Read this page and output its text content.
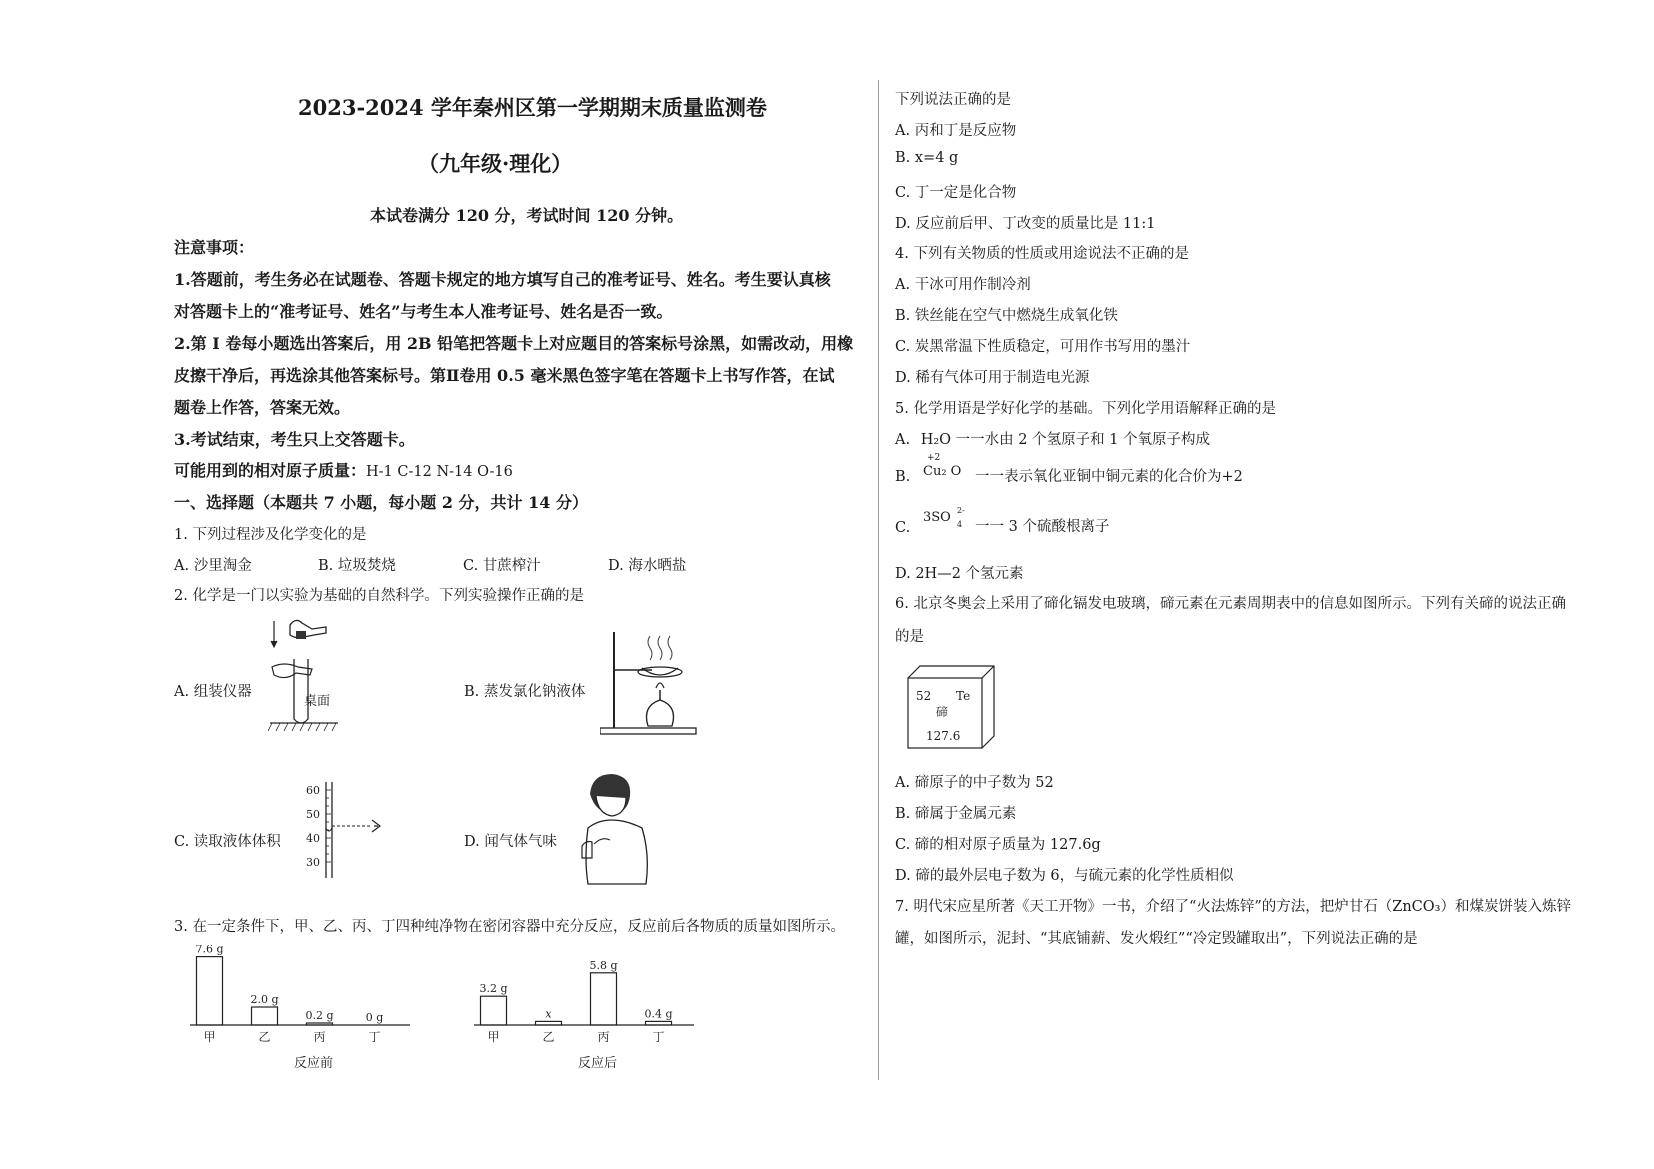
2023-2024 学年秦州区第一学期期末质量监测卷
（九年级·理化）
本试卷满分 120 分，考试时间 120 分钟。
注意事项：
1.答题前，考生务必在试题卷、答题卡规定的地方填写自己的准考证号、姓名。考生要认真核
对答题卡上的“准考证号、姓名”与考生本人准考证号、姓名是否一致。
2.第 I 卷每小题选出答案后，用 2B 铅笔把答题卡上对应题目的答案标号涂黑，如需改动，用橡
皮擦干净后，再选涂其他答案标号。第Ⅱ卷用 0.5 毫米黑色签字笔在答题卡上书写作答，在试
题卷上作答，答案无效。
3.考试结束，考生只上交答题卡。
可能用到的相对原子质量：H-1 C-12 N-14 O-16
一、选择题（本题共 7 小题，每小题 2 分，共计 14 分）
1. 下列过程涉及化学变化的是
A. 沙里淘金	B. 垃圾焚烧	C. 甘蔗榨汁	D. 海水晒盐
2. 化学是一门以实验为基础的自然科学。下列实验操作正确的是
A. 组装仪器	B. 蒸发氯化钠液体
C. 读取液体体积	D. 闻气体气味
桌面
60
50
40
30
3. 在一定条件下，甲、乙、丙、丁四种纯净物在密闭容器中充分反应，反应前后各物质的质量如图所示。
7.6 g
甲
2.0 g
乙
0.2 g
丙
0 g
丁
反应前
3.2 g
甲
x
乙
5.8 g
丙
0.4 g
丁
反应后
下列说法正确的是
A. 丙和丁是反应物
B. x=4 g
C. 丁一定是化合物
D. 反应前后甲、丁改变的质量比是 11:1
4. 下列有关物质的性质或用途说法不正确的是
A. 干冰可用作制冷剂
B. 铁丝能在空气中燃烧生成氧化铁
C. 炭黑常温下性质稳定，可用作书写用的墨汁
D. 稀有气体可用于制造电光源
5. 化学用语是学好化学的基础。下列化学用语解释正确的是
A. H₂O 一一水由 2 个氢原子和 1 个氧原子构成
B.
+2
Cu₂ O 一一表示氧化亚铜中铜元素的化合价为+2
C.
3SO 2-
4 一一 3 个硫酸根离子
D. 2H—2 个氢元素
6. 北京冬奥会上采用了碲化镉发电玻璃，碲元素在元素周期表中的信息如图所示。下列有关碲的说法正确
的是
52 Te
碲
127.6
A. 碲原子的中子数为 52
B. 碲属于金属元素
C. 碲的相对原子质量为 127.6g
D. 碲的最外层电子数为 6，与硫元素的化学性质相似
7. 明代宋应星所著《天工开物》一书，介绍了“火法炼锌”的方法，把炉甘石（ZnCO₃）和煤炭饼装入炼锌
罐，如图所示，泥封、“其底铺薪、发火煅红”“冷定毁罐取出”，下列说法正确的是
